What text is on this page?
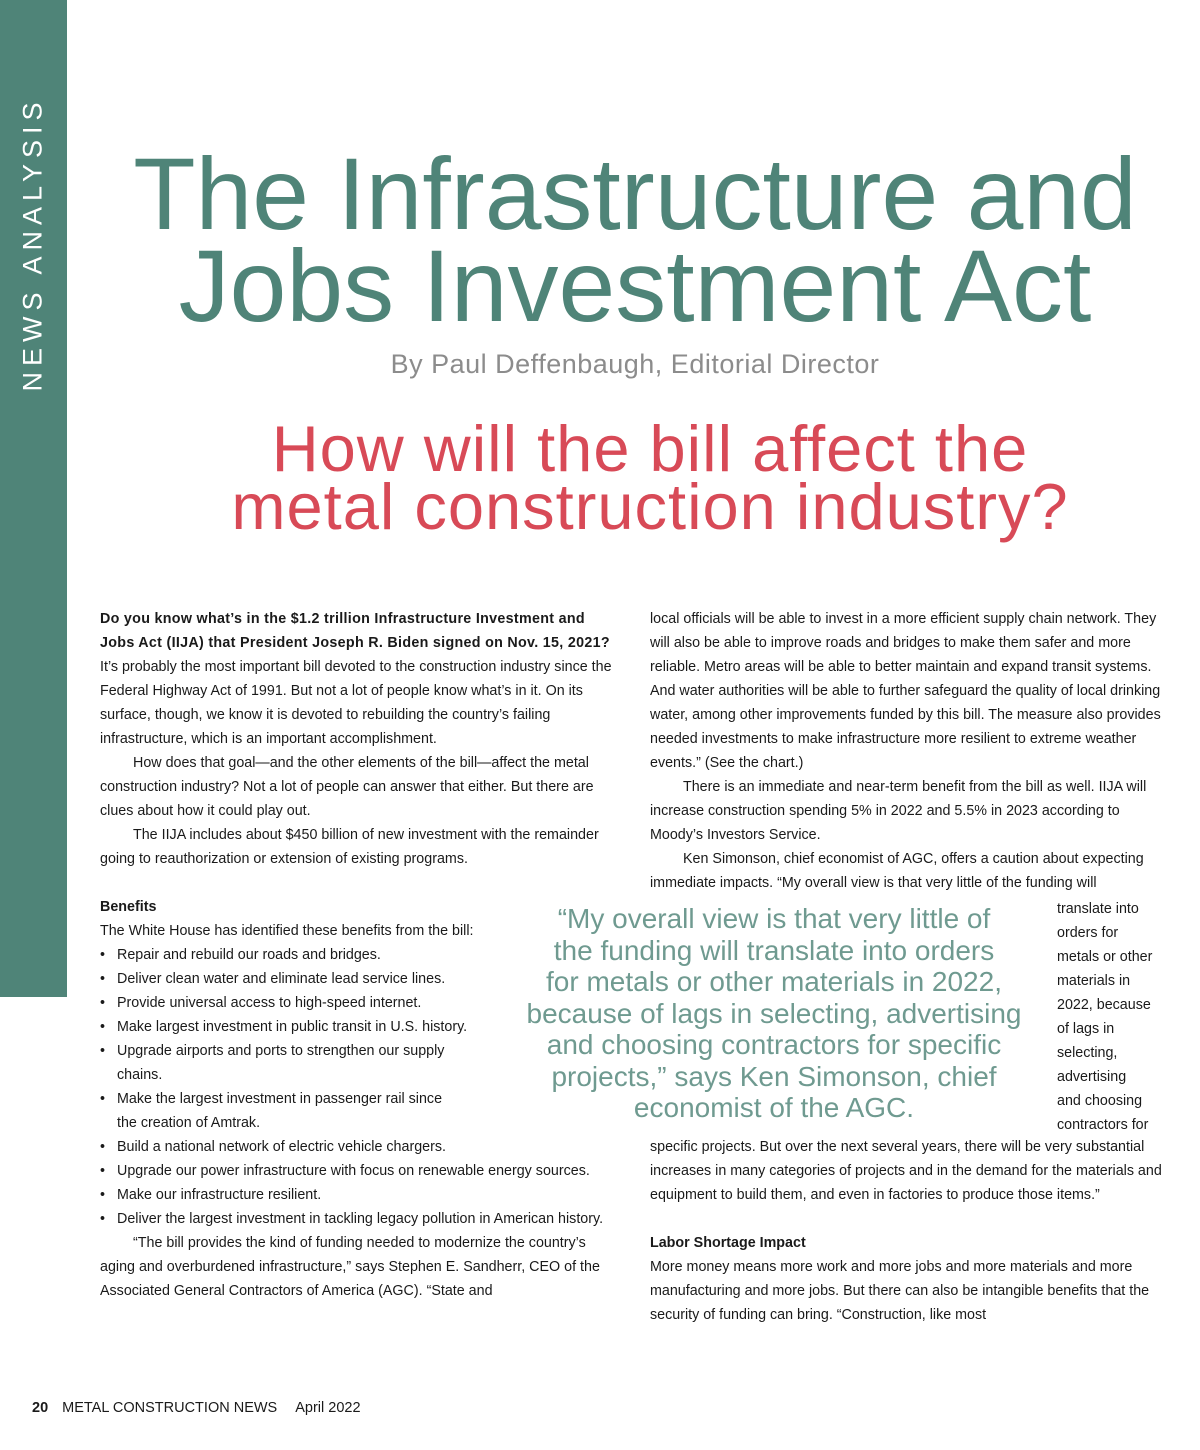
NEWS ANALYSIS The Infrastructure and
Jobs Investment Act
By Paul Deffenbaugh, Editorial Director
How will the bill affect the
metal construction industry?

Do you know what’s in the $1.2 trillion Infrastructure Investment and Jobs Act (IIJA) that President Joseph R. Biden signed on Nov. 15, 2021? It’s probably the most important bill devoted to the construction industry since the Federal Highway Act of 1991. But not a lot of people know what’s in it. On its surface, though, we know it is devoted to rebuilding the country’s failing infrastructure, which is an important accomplishment.

How does that goal—and the other elements of the bill—affect the metal construction industry? Not a lot of people can answer that either. But there are clues about how it could play out.

The IIJA includes about $450 billion of new investment with the remainder going to reauthorization or extension of existing programs.

Benefits

The White House has identified these benefits from the bill:

• Repair and rebuild our roads and bridges.
• Deliver clean water and eliminate lead service lines.
• Provide universal access to high-speed internet.
• Make largest investment in public transit in U.S. history.
• Upgrade airports and ports to strengthen our supply chains.
• Make the largest investment in passenger rail since the creation of Amtrak.
• Build a national network of electric vehicle chargers.
• Upgrade our power infrastructure with focus on renewable energy sources.
• Make our infrastructure resilient.
• Deliver the largest investment in tackling legacy pollution in American history.

“The bill provides the kind of funding needed to modernize the country’s aging and overburdened infrastructure,” says Stephen E. Sandherr, CEO of the Associated General Contractors of America (AGC). “State and

local officials will be able to invest in a more efficient supply chain network. They will also be able to improve roads and bridges to make them safer and more reliable. Metro areas will be able to better maintain and expand transit systems. And water authorities will be able to further safeguard the quality of local drinking water, among other improvements funded by this bill. The measure also provides needed investments to make infrastructure more resilient to extreme weather events.” (See the chart.)

There is an immediate and near-term benefit from the bill as well. IIJA will increase construction spending 5% in 2022 and 5.5% in 2023 according to Moody’s Investors Service.

Ken Simonson, chief economist of AGC, offers a caution about expecting immediate impacts. “My overall view is that very little of the funding will

“My overall view is that very little of
the funding will translate into orders
for metals or other materials in 2022,
because of lags in selecting, advertising
and choosing contractors for specific
projects,” says Ken Simonson, chief
economist of the AGC.
translate into
orders for
metals or other
materials in
2022, because
of lags in
selecting,
advertising
and choosing
contractors for

specific projects. But over the next several years, there will be very substantial increases in many categories of projects and in the demand for the materials and equipment to build them, and even in factories to produce those items.”

Labor Shortage Impact

More money means more work and more jobs and more materials and more manufacturing and more jobs. But there can also be intangible benefits that the security of funding can bring. “Construction, like most

20 METAL CONSTRUCTION NEWS April 2022
